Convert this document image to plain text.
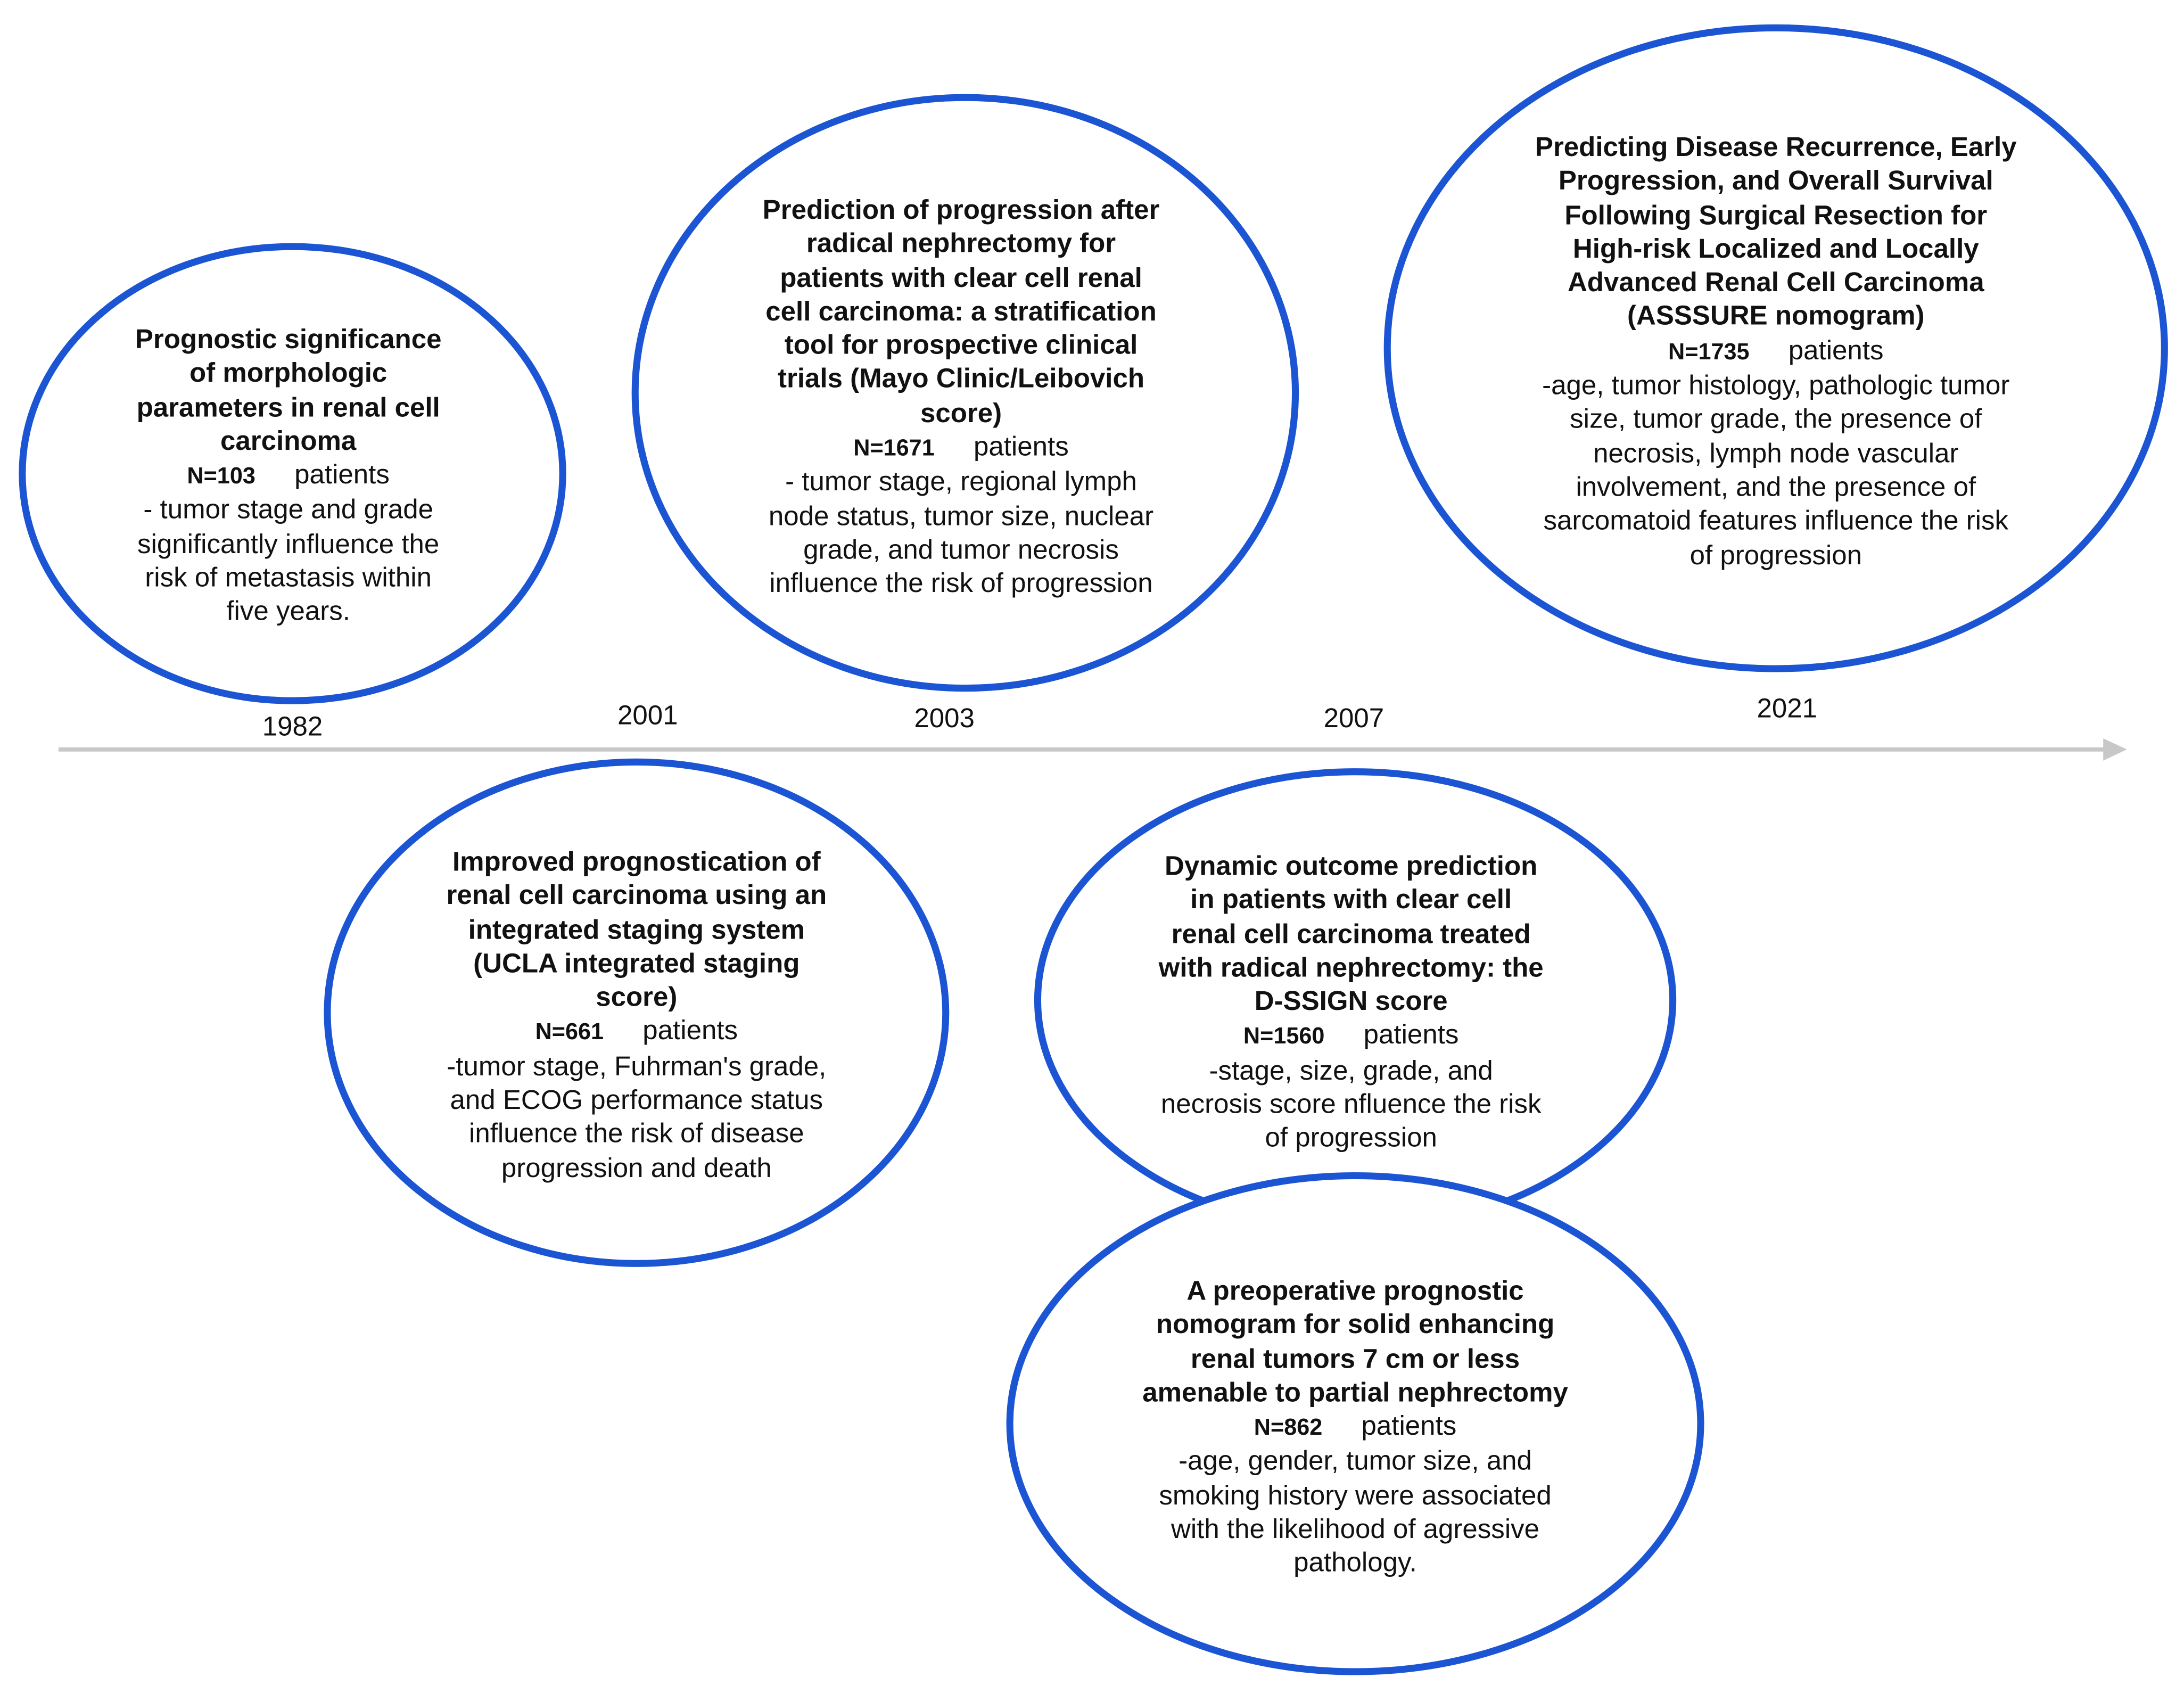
1982	2001	2003	2007	2021
Prognostic significance
of morphologic
parameters in renal cell
carcinoma
N=103	patients
- tumor stage and grade
significantly influence the
risk of metastasis within
five years.
Prediction of progression after
radical nephrectomy for
patients with clear cell renal
cell carcinoma: a stratification
tool for prospective clinical
trials (Mayo Clinic/Leibovich
score)
N=1671	patients
- tumor stage, regional lymph
node status, tumor size, nuclear
grade, and tumor necrosis
influence the risk of progression
Predicting Disease Recurrence, Early
Progression, and Overall Survival
Following Surgical Resection for
High-risk Localized and Locally
Advanced Renal Cell Carcinoma
(ASSSURE nomogram)
N=1735	patients
-age, tumor histology, pathologic tumor
size, tumor grade, the presence of
necrosis, lymph node vascular
involvement, and the presence of
sarcomatoid features influence the risk
of progression
Improved prognostication of
renal cell carcinoma using an
integrated staging system
(UCLA integrated staging
score)
N=661	patients
-tumor stage, Fuhrman's grade,
and ECOG performance status
influence the risk of disease
progression and death
Dynamic outcome prediction
in patients with clear cell
renal cell carcinoma treated
with radical nephrectomy: the
D-SSIGN score
N=1560	patients
-stage, size, grade, and
necrosis score nfluence the risk
of progression
A preoperative prognostic
nomogram for solid enhancing
renal tumors 7 cm or less
amenable to partial nephrectomy
N=862	patients
-age, gender, tumor size, and
smoking history were associated
with the likelihood of agressive
pathology.
